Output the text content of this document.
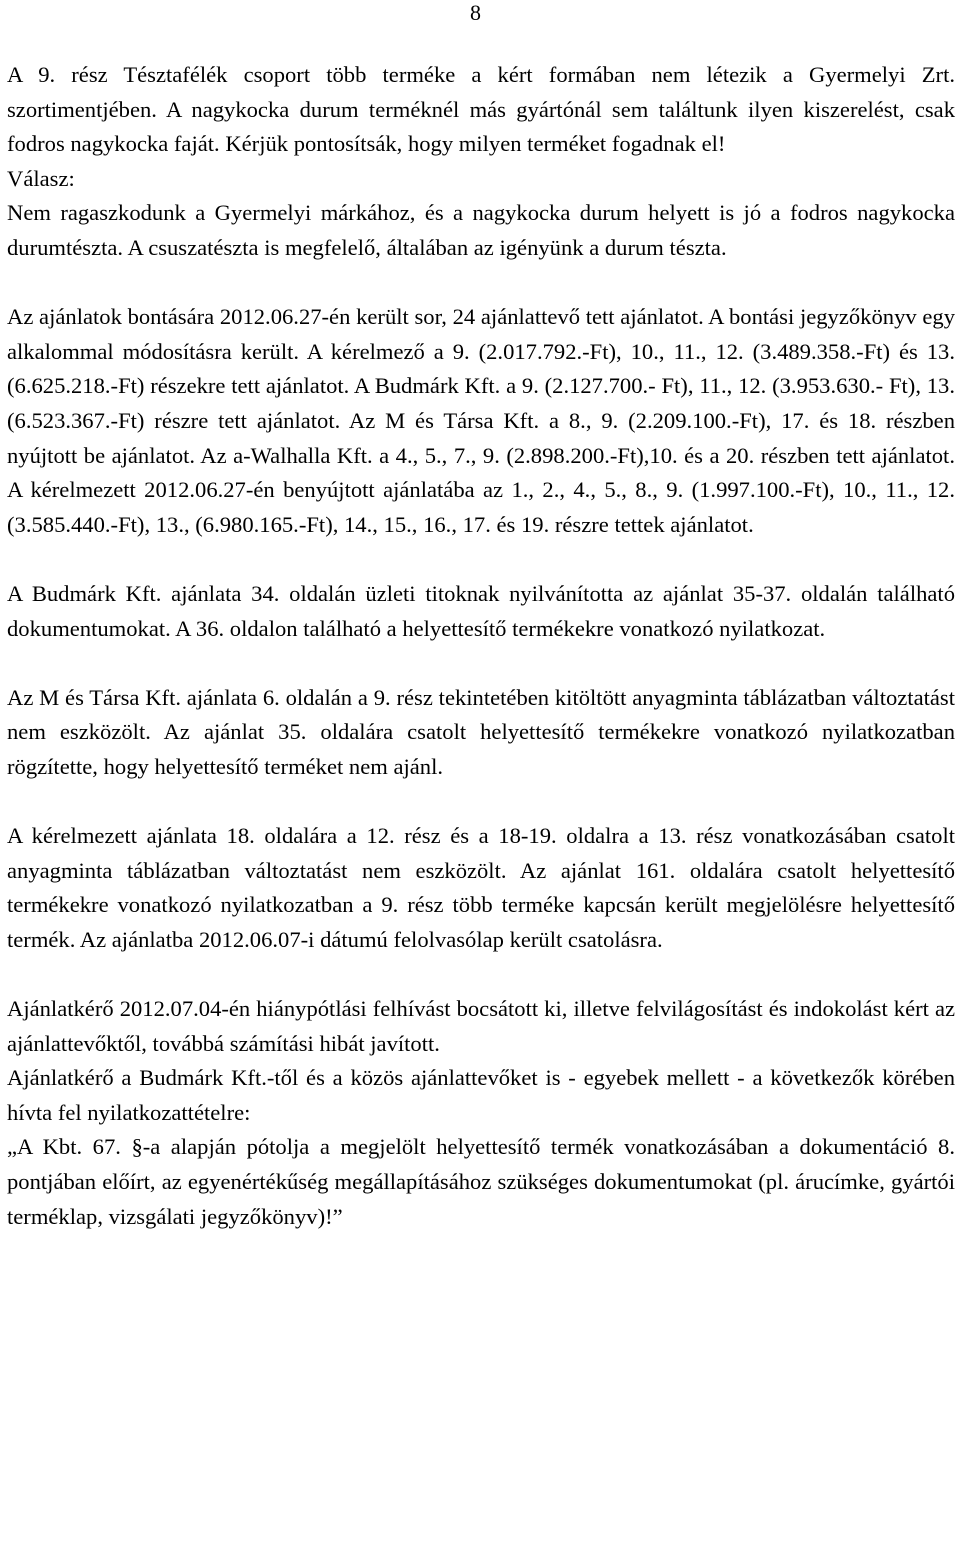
8

A 9. rész Tésztafélék csoport több terméke a kért formában nem létezik a Gyermelyi Zrt. szortimentjében. A nagykocka durum terméknél más gyártónál sem találtunk ilyen kiszerelést, csak fodros nagykocka faját. Kérjük pontosítsák, hogy milyen terméket fogadnak el!

Válasz:

Nem ragaszkodunk a Gyermelyi márkához, és a nagykocka durum helyett is jó a fodros nagykocka durumtészta. A csuszatészta is megfelelő, általában az igényünk a durum tészta.

Az ajánlatok bontására 2012.06.27-én került sor, 24 ajánlattevő tett ajánlatot. A bontási jegyzőkönyv egy alkalommal módosításra került. A kérelmező a 9. (2.017.792.-Ft), 10., 11., 12. (3.489.358.-Ft) és 13. (6.625.218.-Ft) részekre tett ajánlatot. A Budmárk Kft. a 9. (2.127.700.- Ft), 11., 12. (3.953.630.- Ft), 13. (6.523.367.-Ft) részre tett ajánlatot. Az M és Társa Kft. a 8., 9. (2.209.100.-Ft), 17. és 18. részben nyújtott be ajánlatot. Az a-Walhalla Kft. a 4., 5., 7., 9. (2.898.200.-Ft),10. és a 20. részben tett ajánlatot. A kérelmezett 2012.06.27-én benyújtott ajánlatába az 1., 2., 4., 5., 8., 9. (1.997.100.-Ft), 10., 11., 12. (3.585.440.-Ft), 13., (6.980.165.-Ft), 14., 15., 16., 17. és 19. részre tettek ajánlatot.

A Budmárk Kft. ajánlata 34. oldalán üzleti titoknak nyilvánította az ajánlat 35-37. oldalán található dokumentumokat. A 36. oldalon található a helyettesítő termékekre vonatkozó nyilatkozat.

Az M és Társa Kft. ajánlata 6. oldalán a 9. rész tekintetében kitöltött anyagminta táblázatban változtatást nem eszközölt. Az ajánlat 35. oldalára csatolt helyettesítő termékekre vonatkozó nyilatkozatban rögzítette, hogy helyettesítő terméket nem ajánl.

A kérelmezett ajánlata 18. oldalára a 12. rész és a 18-19. oldalra a 13. rész vonatkozásában csatolt anyagminta táblázatban változtatást nem eszközölt. Az ajánlat 161. oldalára csatolt helyettesítő termékekre vonatkozó nyilatkozatban a 9. rész több terméke kapcsán került megjelölésre helyettesítő termék. Az ajánlatba 2012.06.07-i dátumú felolvasólap került csatolásra.

Ajánlatkérő 2012.07.04-én hiánypótlási felhívást bocsátott ki, illetve felvilágosítást és indokolást kért az ajánlattevőktől, továbbá számítási hibát javított.

Ajánlatkérő a Budmárk Kft.-től és a közös ajánlattevőket is - egyebek mellett - a következők körében hívta fel nyilatkozattételre:

„A Kbt. 67. §-a alapján pótolja a megjelölt helyettesítő termék vonatkozásában a dokumentáció 8. pontjában előírt, az egyenértékűség megállapításához szükséges dokumentumokat (pl. árucímke, gyártói terméklap, vizsgálati jegyzőkönyv)!”
